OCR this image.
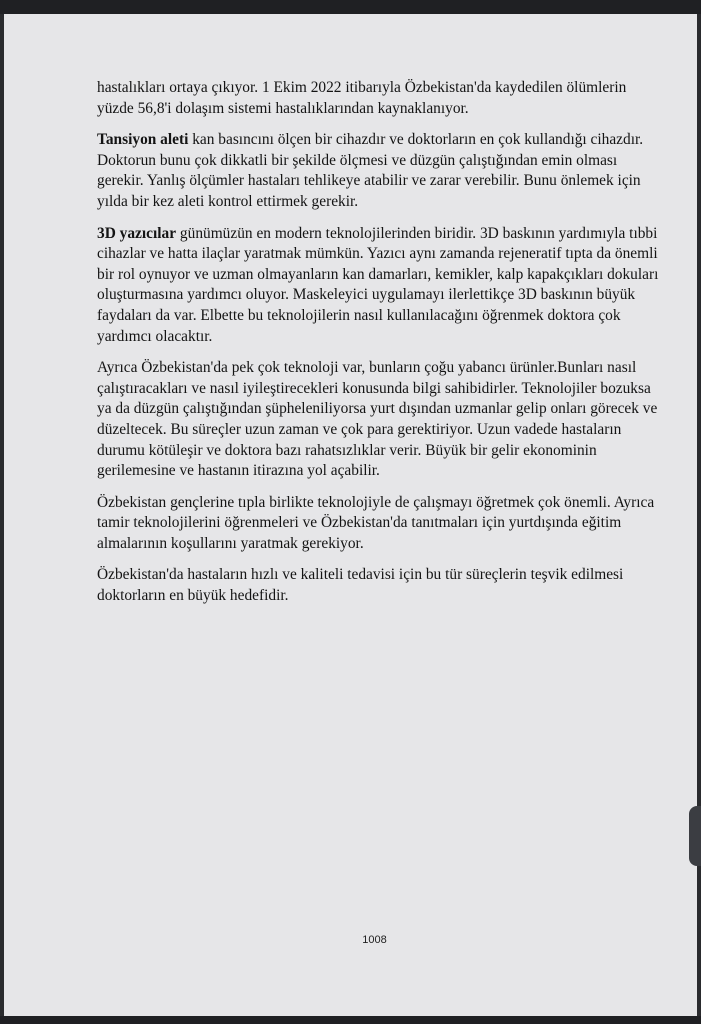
hastalıkları ortaya çıkıyor. 1 Ekim 2022 itibarıyla Özbekistan'da kaydedilen ölümlerin yüzde 56,8'i dolaşım sistemi hastalıklarından kaynaklanıyor.

Tansiyon aleti kan basıncını ölçen bir cihazdır ve doktorların en çok kullandığı cihazdır. Doktorun bunu çok dikkatli bir şekilde ölçmesi ve düzgün çalıştığından emin olması gerekir. Yanlış ölçümler hastaları tehlikeye atabilir ve zarar verebilir. Bunu önlemek için yılda bir kez aleti kontrol ettirmek gerekir.

3D yazıcılar günümüzün en modern teknolojilerinden biridir. 3D baskının yardımıyla tıbbi cihazlar ve hatta ilaçlar yaratmak mümkün. Yazıcı aynı zamanda rejeneratif tıpta da önemli bir rol oynuyor ve uzman olmayanların kan damarları, kemikler, kalp kapakçıkları dokuları oluşturmasına yardımcı oluyor. Maskeleyici uygulamayı ilerlettikçe 3D baskının büyük faydaları da var. Elbette bu teknolojilerin nasıl kullanılacağını öğrenmek doktora çok yardımcı olacaktır.

Ayrıca Özbekistan'da pek çok teknoloji var, bunların çoğu yabancı ürünler.Bunları nasıl çalıştıracakları ve nasıl iyileştirecekleri konusunda bilgi sahibidirler. Teknolojiler bozuksa ya da düzgün çalıştığından şüpheleniliyorsa yurt dışından uzmanlar gelip onları görecek ve düzeltecek. Bu süreçler uzun zaman ve çok para gerektiriyor. Uzun vadede hastaların durumu kötüleşir ve doktora bazı rahatsızlıklar verir. Büyük bir gelir ekonominin gerilemesine ve hastanın itirazına yol açabilir.

Özbekistan gençlerine tıpla birlikte teknolojiyle de çalışmayı öğretmek çok önemli. Ayrıca tamir teknolojilerini öğrenmeleri ve Özbekistan'da tanıtmaları için yurtdışında eğitim almalarının koşullarını yaratmak gerekiyor.

Özbekistan'da hastaların hızlı ve kaliteli tedavisi için bu tür süreçlerin teşvik edilmesi doktorların en büyük hedefidir.

1008
